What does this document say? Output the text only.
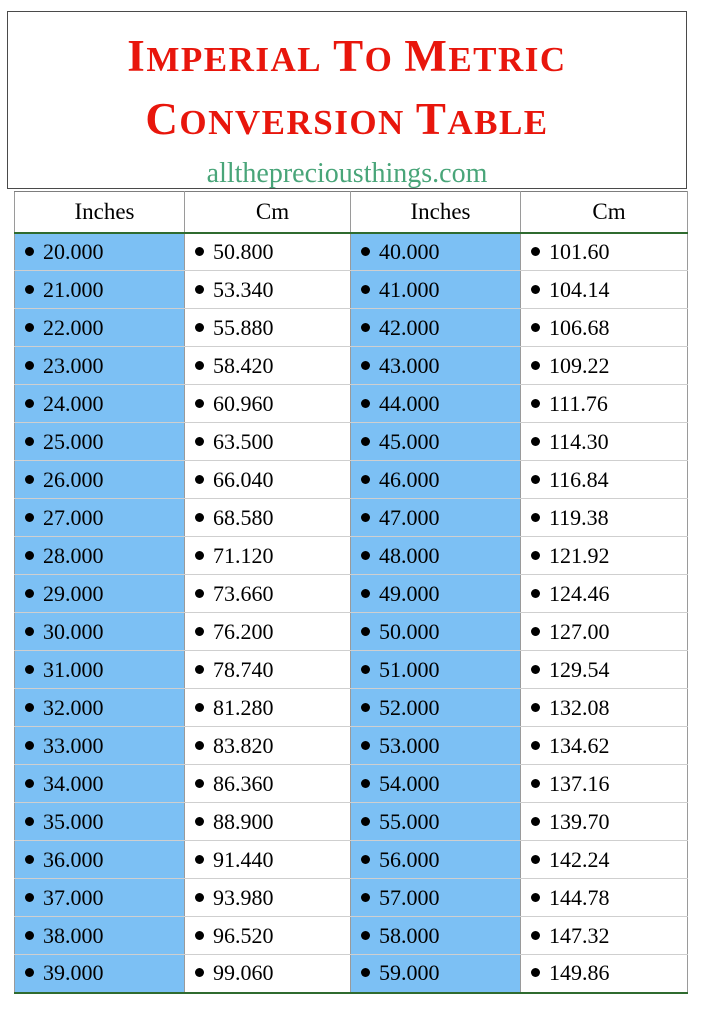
IMPERIAL TO METRIC
CONVERSION TABLE
allthepreciousthings.com
Inches	Cm	Inches	Cm
20.000	50.800	40.000	101.60
21.000	53.340	41.000	104.14
22.000	55.880	42.000	106.68
23.000	58.420	43.000	109.22
24.000	60.960	44.000	111.76
25.000	63.500	45.000	114.30
26.000	66.040	46.000	116.84
27.000	68.580	47.000	119.38
28.000	71.120	48.000	121.92
29.000	73.660	49.000	124.46
30.000	76.200	50.000	127.00
31.000	78.740	51.000	129.54
32.000	81.280	52.000	132.08
33.000	83.820	53.000	134.62
34.000	86.360	54.000	137.16
35.000	88.900	55.000	139.70
36.000	91.440	56.000	142.24
37.000	93.980	57.000	144.78
38.000	96.520	58.000	147.32
39.000	99.060	59.000	149.86
